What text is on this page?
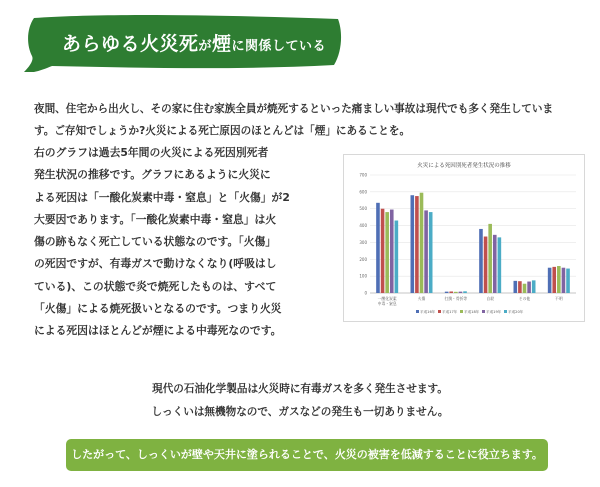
あらゆる火災死が煙に関係している
夜間、住宅から出火し、その家に住む家族全員が焼死するといった痛ましい事故は現代でも多く発生していま
す。ご存知でしょうか?火災による死亡原因のほとんどは「煙」にあることを。

右のグラフは過去5年間の火災による死因別死者

発生状況の推移です。グラフにあるように火災に

よる死因は「一酸化炭素中毒・窒息」と「火傷」が2

大要因であります。「一酸化炭素中毒・窒息」は火

傷の跡もなく死亡している状態なのです。「火傷」

の死因ですが、有毒ガスで動けなくなり(呼吸はし

ている)、この状態で炎で焼死したものは、すべて

「火傷」による焼死扱いとなるのです。つまり火災

による死因はほとんどが煙による中毒死なのです。

火災による死因別死者発生状況の推移
0
100
200
300
400
500
600
700
一酸化炭素
中毒・窒息
火傷	打撲・骨折等	自殺	その他	不明
平成16年 平成17年 平成18年 平成19年 平成20年
現代の石油化学製品は火災時に有毒ガスを多く発生させます。
しっくいは無機物なので、ガスなどの発生も一切ありません。
したがって、しっくいが壁や天井に塗られることで、火災の被害を低減することに役立ちます。
